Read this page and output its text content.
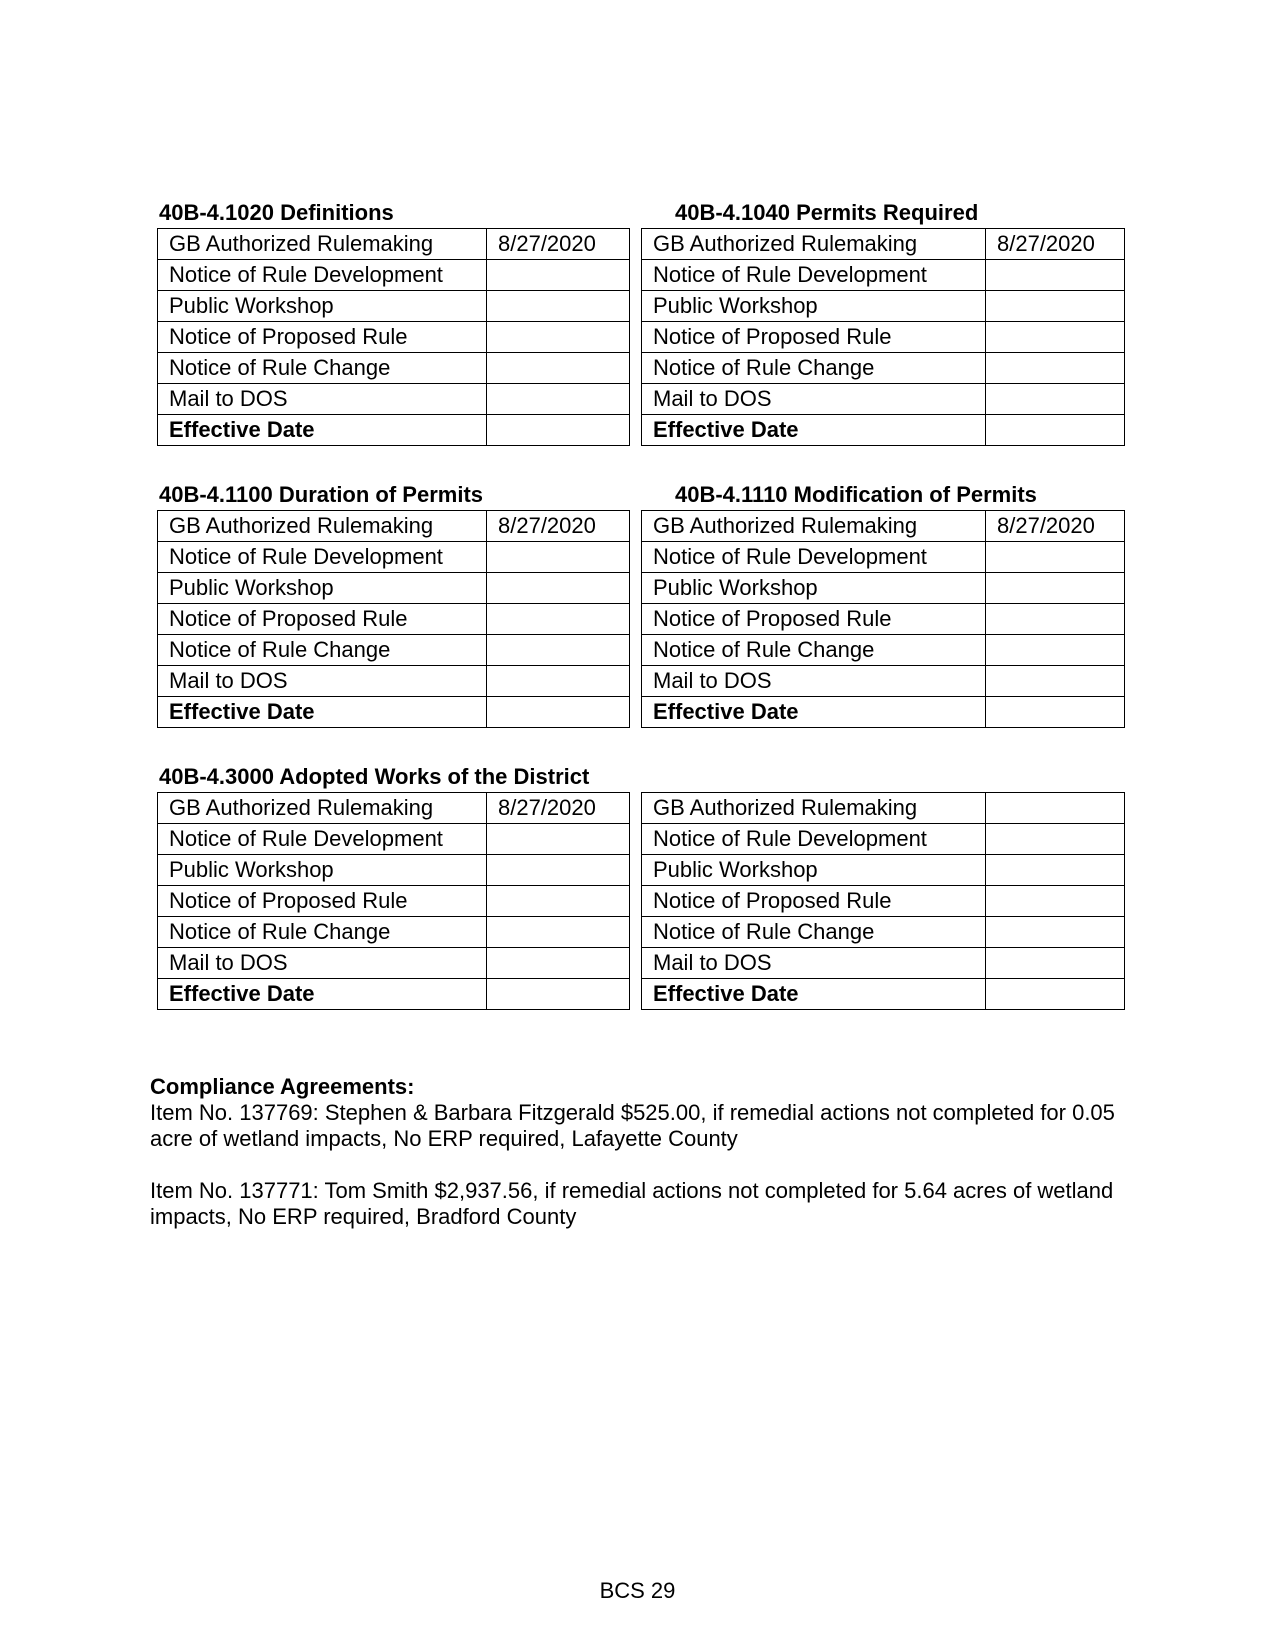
40B-4.1020 Definitions
GB Authorized Rulemaking	8/27/2020
Notice of Rule Development	
Public Workshop	
Notice of Proposed Rule	
Notice of Rule Change	
Mail to DOS	
Effective Date	
40B-4.1040 Permits Required
GB Authorized Rulemaking	8/27/2020
Notice of Rule Development	
Public Workshop	
Notice of Proposed Rule	
Notice of Rule Change	
Mail to DOS	
Effective Date	
40B-4.1100 Duration of Permits
GB Authorized Rulemaking	8/27/2020
Notice of Rule Development	
Public Workshop	
Notice of Proposed Rule	
Notice of Rule Change	
Mail to DOS	
Effective Date	
40B-4.1110 Modification of Permits
GB Authorized Rulemaking	8/27/2020
Notice of Rule Development	
Public Workshop	
Notice of Proposed Rule	
Notice of Rule Change	
Mail to DOS	
Effective Date	
40B-4.3000 Adopted Works of the District
GB Authorized Rulemaking	8/27/2020
Notice of Rule Development	
Public Workshop	
Notice of Proposed Rule	
Notice of Rule Change	
Mail to DOS	
Effective Date	
GB Authorized Rulemaking	
Notice of Rule Development	
Public Workshop	
Notice of Proposed Rule	
Notice of Rule Change	
Mail to DOS	
Effective Date	
Compliance Agreements:

Item No. 137769: Stephen & Barbara Fitzgerald $525.00, if remedial actions not completed for 0.05 acre of wetland impacts, No ERP required, Lafayette County

Item No. 137771: Tom Smith $2,937.56, if remedial actions not completed for 5.64 acres of wetland impacts, No ERP required, Bradford County

BCS 29
